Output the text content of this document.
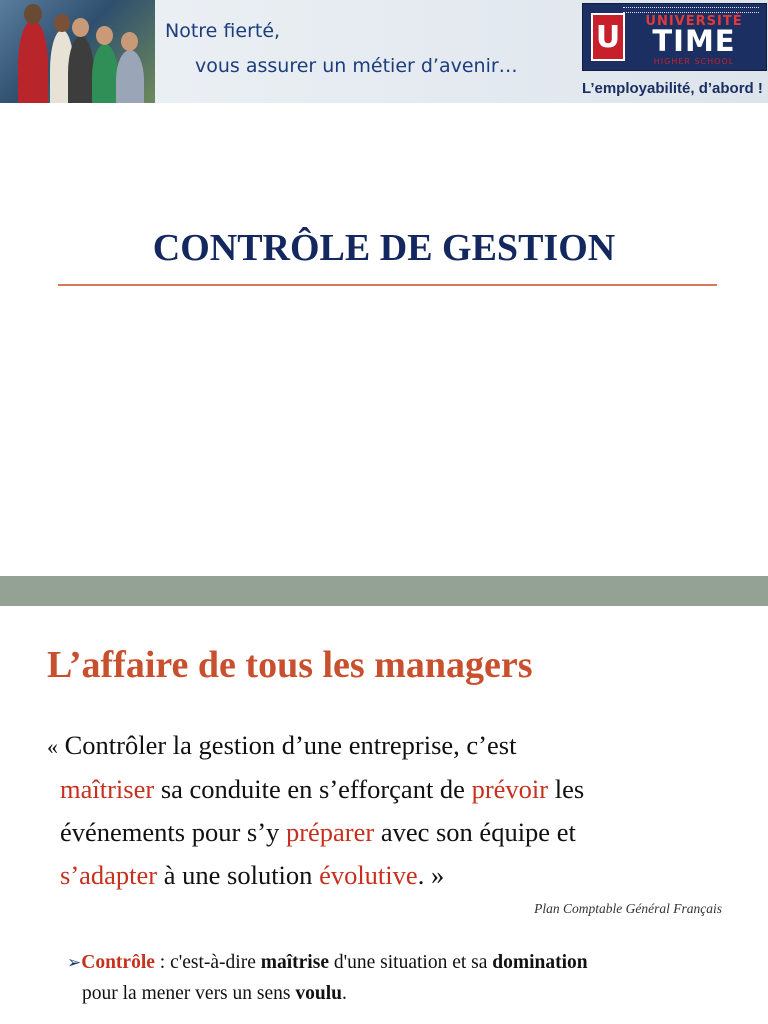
Notre fierté,
vous assurer un métier d’avenir…
U	UNIVERSITÉ
TIME
HIGHER SCHOOL
L’employabilité, d’abord !
CONTRÔLE DE GESTION
L’affaire de tous les managers

« Contrôler la gestion d’une entreprise, c’est
maîtriser sa conduite en s’efforçant de prévoir les
événements pour s’y préparer avec son équipe et
s’adapter à une solution évolutive. »

Plan Comptable Général Français
➢Contrôle : c'est-à-dire maîtrise d'une situation et sa domination
pour la mener vers un sens voulu.
